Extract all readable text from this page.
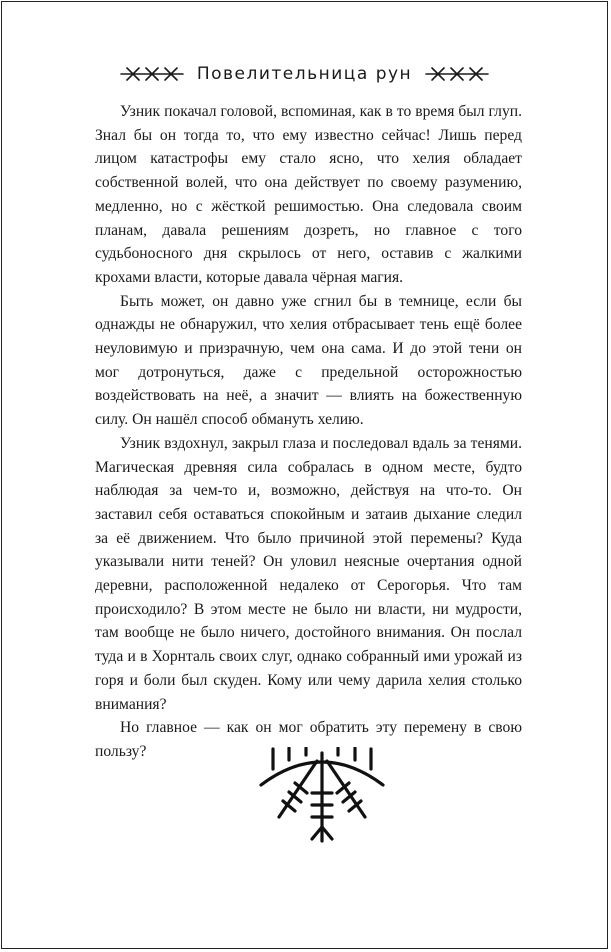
Повелительница рун

Узник покачал головой, вспоминая, как в то время был глуп. Знал бы он тогда то, что ему известно сейчас! Лишь перед лицом катастрофы ему стало ясно, что хелия обладает собственной волей, что она действует по своему разумению, медленно, но с жёсткой решимостью. Она следовала своим планам, давала решениям дозреть, но главное с того судьбоносного дня скрылось от него, оставив с жалкими крохами власти, которые давала чёрная магия.

Быть может, он давно уже сгнил бы в темнице, если бы однажды не обнаружил, что хелия отбрасывает тень ещё более неуловимую и призрачную, чем она сама. И до этой тени он мог дотронуться, даже с предельной осторожностью воздействовать на неё, а значит — влиять на божественную силу. Он нашёл способ обмануть хелию.

Узник вздохнул, закрыл глаза и последовал вдаль за тенями. Магическая древняя сила собралась в одном месте, будто наблюдая за чем-то и, возможно, действуя на что-то. Он заставил себя оставаться спокойным и затаив дыхание следил за её движением. Что было причиной этой перемены? Куда указывали нити теней? Он уловил неясные очертания одной деревни, расположенной недалеко от Серогорья. Что там происходило? В этом месте не было ни власти, ни мудрости, там вообще не было ничего, достойного внимания. Он послал туда и в Хорнталь своих слуг, однако собранный ими урожай из горя и боли был скуден. Кому или чему дарила хелия столько внимания?

Но главное — как он мог обратить эту перемену в свою пользу?
